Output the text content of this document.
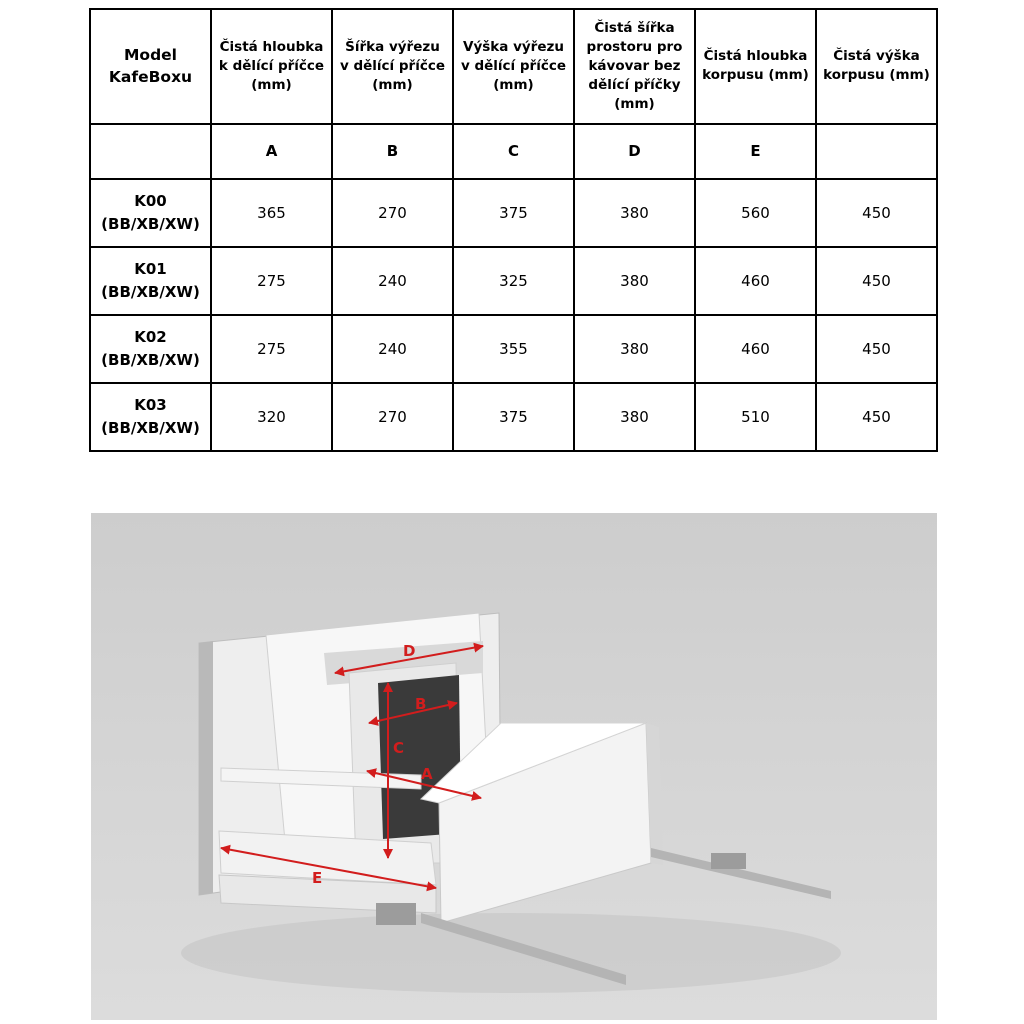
Model
KafeBoxu	Čistá hloubka
k dělící příčce
(mm)	Šířka výřezu
v dělící příčce
(mm)	Výška výřezu
v dělící příčce
(mm)	Čistá šířka
prostoru pro
kávovar bez
dělící příčky
(mm)	Čistá hloubka
korpusu (mm)	Čistá výška
korpusu (mm)
	A	B	C	D	E	

K00
(BB/XB/XW)	365	270	375	380	560	450

K01
(BB/XB/XW)	275	240	325	380	460	450

K02
(BB/XB/XW)	275	240	355	380	460	450

K03
(BB/XB/XW)	320	270	375	380	510	450
D
B
C
A
E
